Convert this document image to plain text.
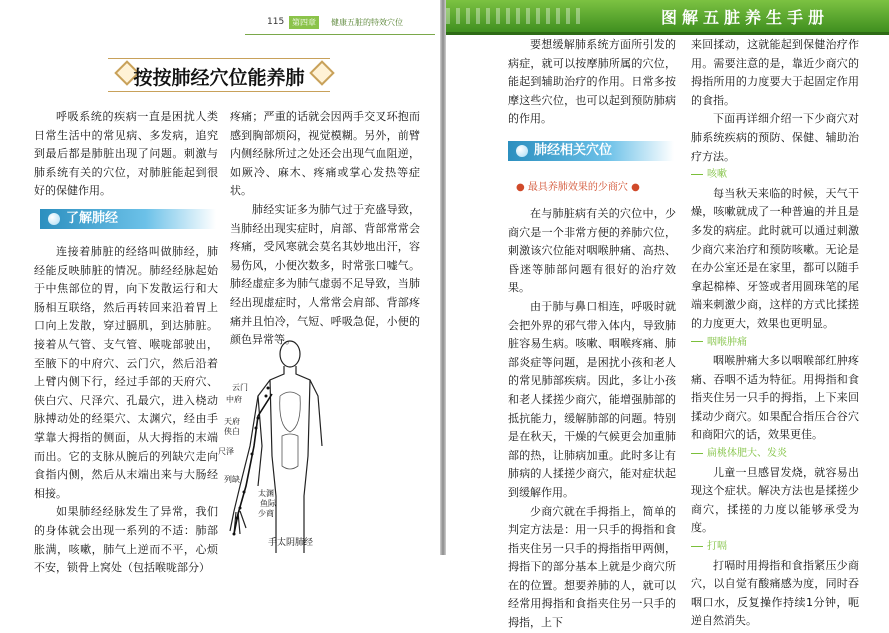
115 第四章	健康五脏的特效穴位
按按肺经穴位能养肺

呼吸系统的疾病一直是困扰人类日常生活中的常见病、多发病，追究到最后都是肺脏出现了问题。刺激与肺系统有关的穴位，对肺脏能起到很好的保健作用。

了解肺经

连接着肺脏的经络叫做肺经，肺经能反映肺脏的情况。肺经经脉起始于中焦部位的胃，向下发散运行和大肠相互联络，然后再转回来沿着胃上口向上发散，穿过膈肌，到达肺脏。接着从气管、支气管、喉咙部驶出，至腋下的中府穴、云门穴，然后沿着上臂内侧下行，经过手部的天府穴、侠白穴、尺泽穴、孔最穴，进入桡动脉搏动处的经渠穴、太渊穴，经由手掌靠大拇指的侧面，从大拇指的末端而出。它的支脉从腕后的列缺穴走向食指内侧，然后从末端出来与大肠经相接。

如果肺经经脉发生了异常，我们的身体就会出现一系列的不适：肺部胀满，咳嗽，肺气上逆而不平，心烦不安，锁骨上窝处（包括喉咙部分）

疼痛；严重的话就会因两手交叉环抱而感到胸部烦闷，视觉模糊。另外，前臂内侧经脉所过之处还会出现气血阻逆，如厥冷、麻木、疼痛或掌心发热等症状。

肺经实证多为肺气过于充盛导致，当肺经出现实症时，肩部、背部常常会疼痛，受风寒就会莫名其妙地出汗，容易伤风，小便次数多，时常张口嘘气。肺经虚症多为肺气虚弱不足导致，当肺经出现虚症时，人常常会肩部、背部疼痛并且怕冷，气短、呼吸急促，小便的颜色异常等。

云门
中府
天府
侠白
尺泽
列缺
太渊
鱼际
少商
手太阴肺经
图解五脏养生手册

要想缓解肺系统方面所引发的病症，就可以按摩肺所属的穴位，能起到辅助治疗的作用。日常多按摩这些穴位，也可以起到预防肺病的作用。

肺经相关穴位
● 最具养肺效果的少商穴 ●

在与肺脏病有关的穴位中，少商穴是一个非常方便的养肺穴位，刺激该穴位能对咽喉肿痛、高热、昏迷等肺部问题有很好的治疗效果。

由于肺与鼻口相连，呼吸时就会把外界的邪气带入体内，导致肺脏容易生病。咳嗽、咽喉疼痛、肺部炎症等问题，是困扰小孩和老人的常见肺部疾病。因此，多让小孩和老人揉搓少商穴，能增强肺部的抵抗能力，缓解肺部的问题。特别是在秋天，干燥的气候更会加重肺部的热，让肺病加重。此时多让有肺病的人揉搓少商穴，能对症状起到缓解作用。

少商穴就在手拇指上，简单的判定方法是：用一只手的拇指和食指夹住另一只手的拇指指甲两侧，拇指下的部分基本上就是少商穴所在的位置。想要养肺的人，就可以经常用拇指和食指夹住另一只手的拇指，上下

来回揉动，这就能起到保健治疗作用。需要注意的是，靠近少商穴的拇指所用的力度要大于起固定作用的食指。

下面再详细介绍一下少商穴对肺系统疾病的预防、保健、辅助治疗方法。

咳嗽

每当秋天来临的时候，天气干燥，咳嗽就成了一种普遍的并且是多发的病症。此时就可以通过刺激少商穴来治疗和预防咳嗽。无论是在办公室还是在家里，都可以随手拿起棉棒、牙签或者用圆珠笔的尾端来刺激少商，这样的方式比揉搓的力度更大，效果也更明显。

咽喉肿痛

咽喉肿痛大多以咽喉部红肿疼痛、吞咽不适为特征。用拇指和食指夹住另一只手的拇指，上下来回揉动少商穴。如果配合指压合谷穴和商阳穴的话，效果更佳。

扁桃体肥大、发炎

儿童一旦感冒发烧，就容易出现这个症状。解决方法也是揉搓少商穴，揉搓的力度以能够承受为度。

打嗝

打嗝时用拇指和食指紧压少商穴，以自觉有酸痛感为度，同时吞咽口水，反复操作持续1分钟，呃逆自然消失。
